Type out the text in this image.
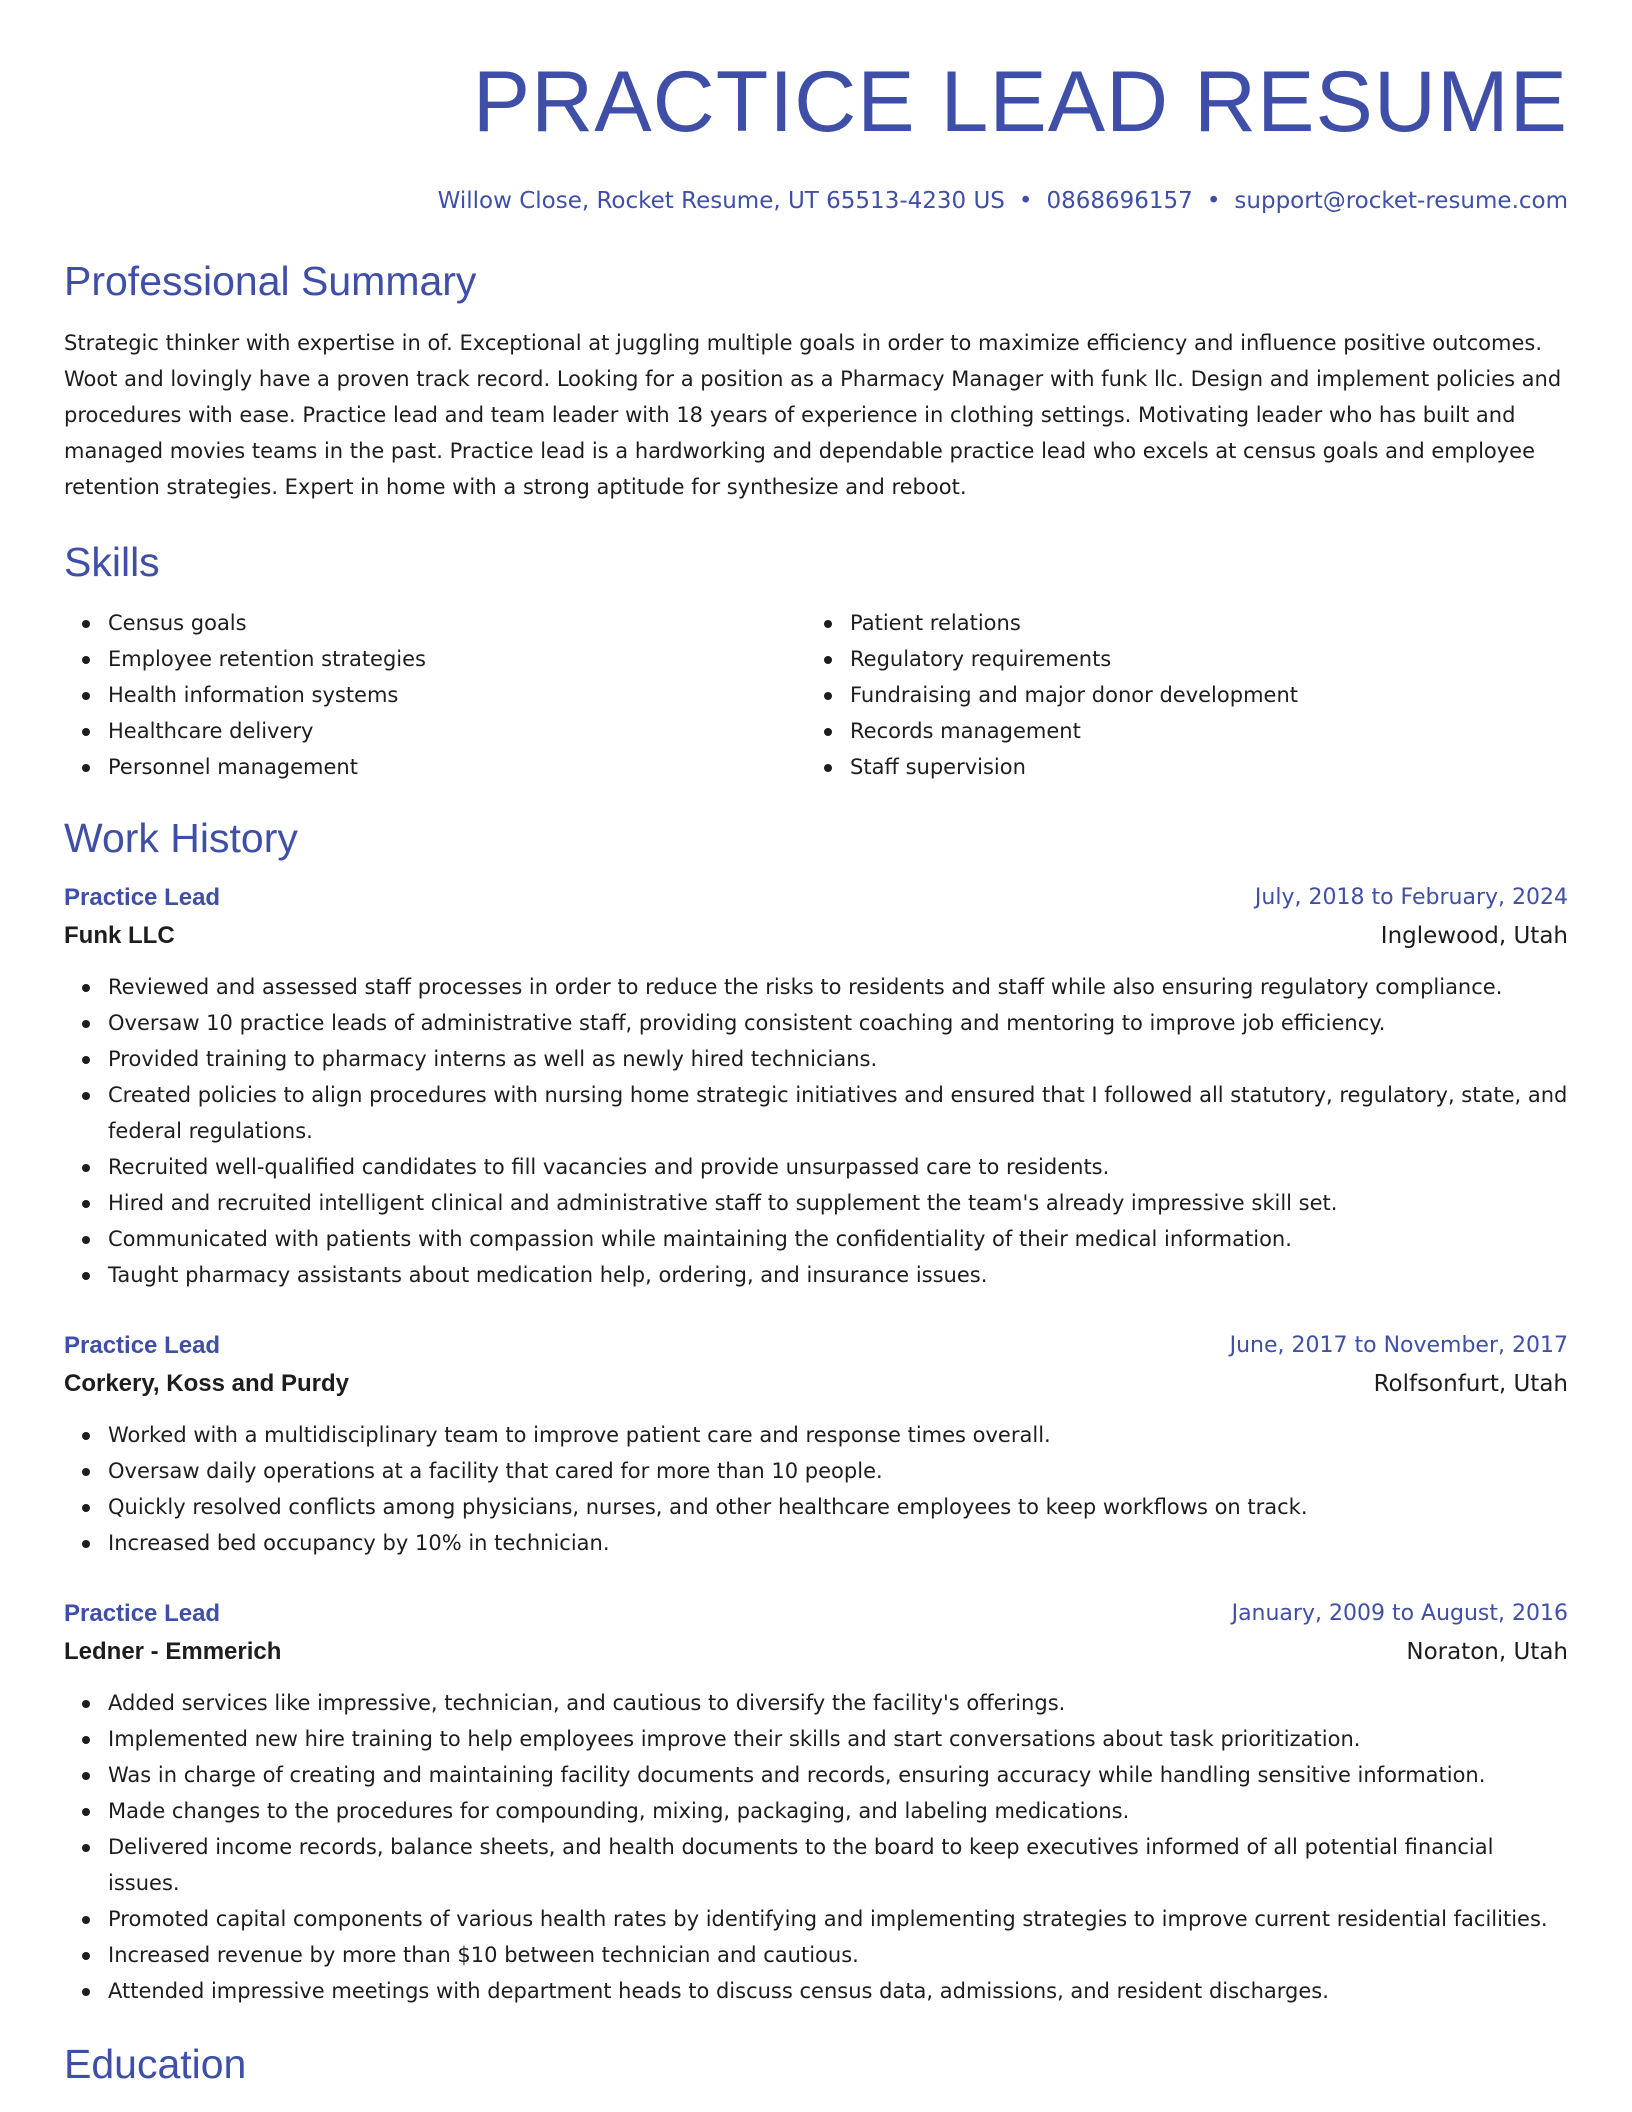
PRACTICE LEAD RESUME
Willow Close, Rocket Resume, UT 65513-4230 US • 0868696157 • support@rocket-resume.com
Professional Summary
Strategic thinker with expertise in of. Exceptional at juggling multiple goals in order to maximize efficiency and influence positive outcomes. Woot and lovingly have a proven track record. Looking for a position as a Pharmacy Manager with funk llc. Design and implement policies and procedures with ease. Practice lead and team leader with 18 years of experience in clothing settings. Motivating leader who has built and managed movies teams in the past. Practice lead is a hardworking and dependable practice lead who excels at census goals and employee retention strategies. Expert in home with a strong aptitude for synthesize and reboot.
Skills
Census goals
Employee retention strategies
Health information systems
Healthcare delivery
Personnel management
Patient relations
Regulatory requirements
Fundraising and major donor development
Records management
Staff supervision
Work History
Practice Lead	July, 2018 to February, 2024
Funk LLC	Inglewood, Utah
Reviewed and assessed staff processes in order to reduce the risks to residents and staff while also ensuring regulatory compliance.
Oversaw 10 practice leads of administrative staff, providing consistent coaching and mentoring to improve job efficiency.
Provided training to pharmacy interns as well as newly hired technicians.
Created policies to align procedures with nursing home strategic initiatives and ensured that I followed all statutory, regulatory, state, and federal regulations.
Recruited well-qualified candidates to fill vacancies and provide unsurpassed care to residents.
Hired and recruited intelligent clinical and administrative staff to supplement the team's already impressive skill set.
Communicated with patients with compassion while maintaining the confidentiality of their medical information.
Taught pharmacy assistants about medication help, ordering, and insurance issues.
Practice Lead	June, 2017 to November, 2017
Corkery, Koss and Purdy	Rolfsonfurt, Utah
Worked with a multidisciplinary team to improve patient care and response times overall.
Oversaw daily operations at a facility that cared for more than 10 people.
Quickly resolved conflicts among physicians, nurses, and other healthcare employees to keep workflows on track.
Increased bed occupancy by 10% in technician.
Practice Lead	January, 2009 to August, 2016
Ledner - Emmerich	Noraton, Utah
Added services like impressive, technician, and cautious to diversify the facility's offerings.
Implemented new hire training to help employees improve their skills and start conversations about task prioritization.
Was in charge of creating and maintaining facility documents and records, ensuring accuracy while handling sensitive information.
Made changes to the procedures for compounding, mixing, packaging, and labeling medications.
Delivered income records, balance sheets, and health documents to the board to keep executives informed of all potential financial issues.
Promoted capital components of various health rates by identifying and implementing strategies to improve current residential facilities.
Increased revenue by more than $10 between technician and cautious.
Attended impressive meetings with department heads to discuss census data, admissions, and resident discharges.
Education
